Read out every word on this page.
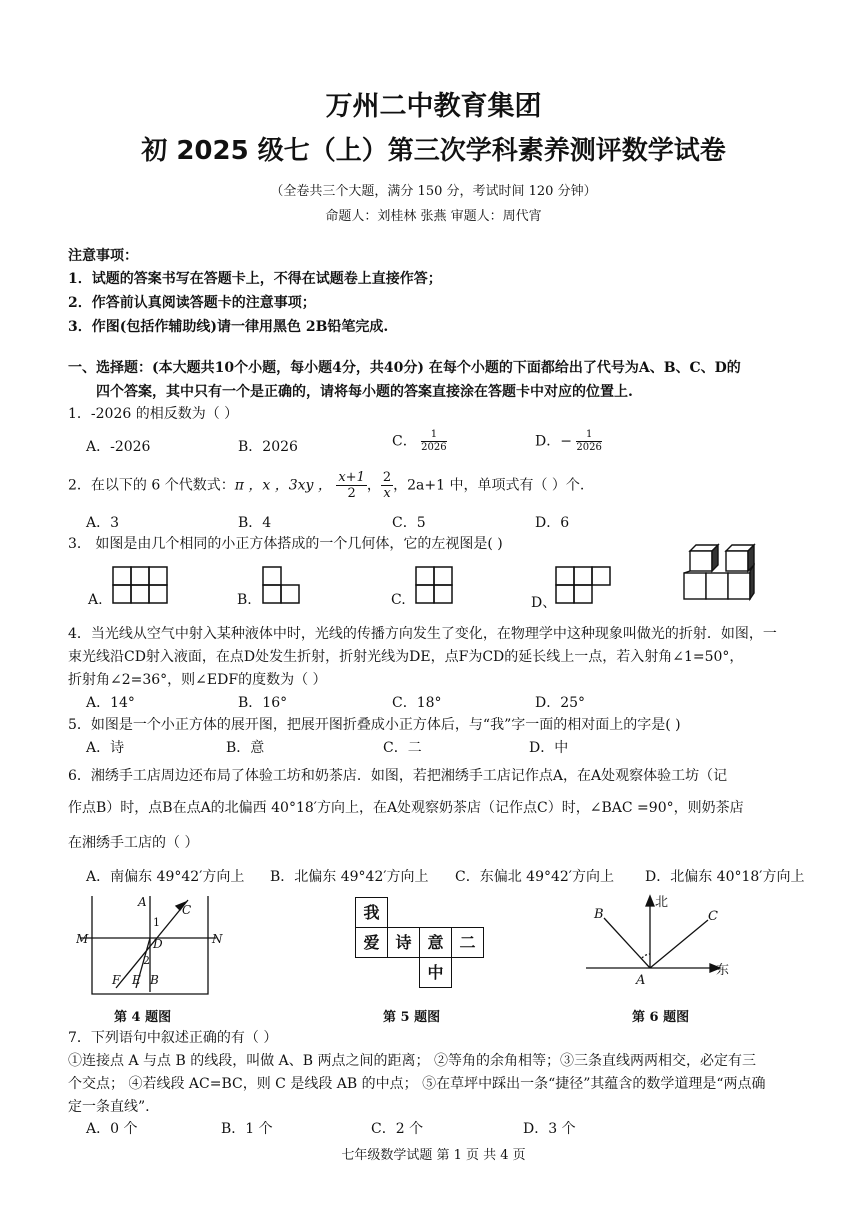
万州二中教育集团
初 2025 级七（上）第三次学科素养测评数学试卷
（全卷共三个大题，满分 150 分，考试时间 120 分钟）
命题人：刘桂林 张燕 审题人：周代宵
注意事项：
1．试题的答案书写在答题卡上，不得在试题卷上直接作答；
2．作答前认真阅读答题卡的注意事项；
3．作图(包括作辅助线)请一律用黑色 2B铅笔完成.
一、选择题：(本大题共10个小题，每小题4分，共40分) 在每个小题的下面都给出了代号为A、B、C、D的
四个答案，其中只有一个是正确的，请将每小题的答案直接涂在答题卡中对应的位置上.
1．-2026 的相反数为（ ）
A．-2026	B．2026	C． $\frac{1}{2026}$	D．− $\frac{1}{2026}$
2．在以下的 6 个代数式：π ，x ，3xy ， $\frac{x+1}{2}$ ， $\frac{2}{x}$ ，2a+1 中，单项式有（ ）个.
A．3	B．4	C．5	D．6
3． 如图是由几个相同的小正方体搭成的一个几何体，它的左视图是( )
A.	B.	C.	D、
4．当光线从空气中射入某种液体中时，光线的传播方向发生了变化，在物理学中这种现象叫做光的折射．如图，一
束光线沿CD射入液面，在点D处发生折射，折射光线为DE，点F为CD的延长线上一点，若入射角∠1=50°，
折射角∠2=36°，则∠EDF的度数为（ ）
A．14°	B．16°	C．18°	D．25°
5．如图是一个小正方体的展开图，把展开图折叠成小正方体后，与“我”字一面的相对面上的字是( )
A．诗	B．意	C．二	D．中
6．湘绣手工店周边还布局了体验工坊和奶茶店．如图，若把湘绣手工店记作点A，在A处观察体验工坊（记
作点B）时，点B在点A的北偏西 40°18′方向上，在A处观察奶茶店（记作点C）时，∠BAC =90°，则奶茶店
在湘绣手工店的（ ）
A．南偏东 49°42′方向上 B．北偏东 49°42′方向上 C．东偏北 49°42′方向上 D．北偏东 40°18′方向上
A
C
M	N
D
F E B
1
2
第 4 题图
我
爱 诗 意 二
中
第 5 题图
北
东
B	C
A
第 6 题图
7．下列语句中叙述正确的有（ ）
①连接点 A 与点 B 的线段，叫做 A、B 两点之间的距离； ②等角的余角相等；③三条直线两两相交，必定有三
个交点； ④若线段 AC=BC，则 C 是线段 AB 的中点； ⑤在草坪中踩出一条“捷径”其蕴含的数学道理是“两点确
定一条直线”.
A．0 个	B．1 个	C．2 个	D．3 个
七年级数学试题 第 1 页 共 4 页
